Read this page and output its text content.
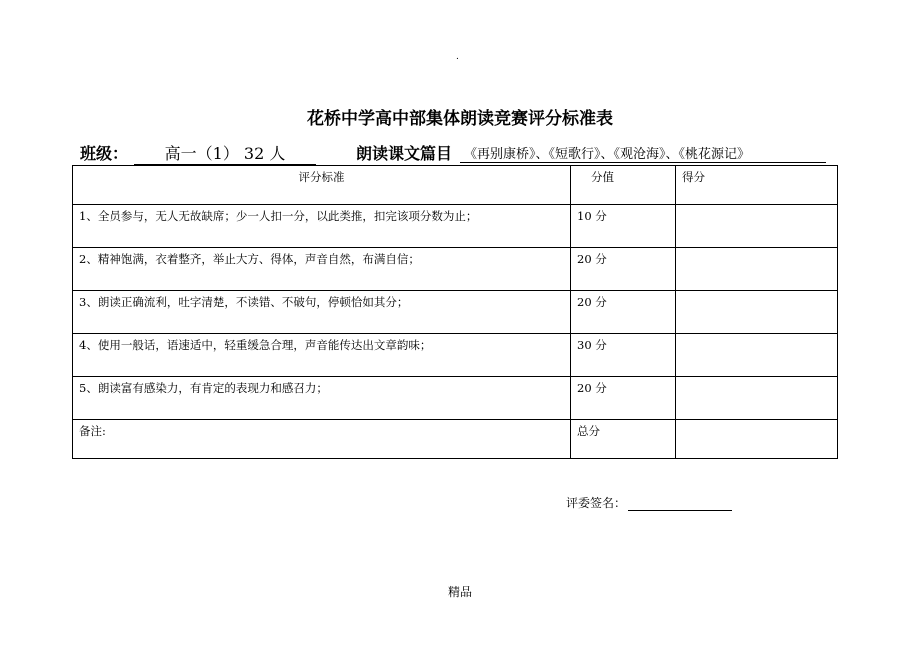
.
花桥中学高中部集体朗读竞赛评分标准表
班级：	高一（1） 32 人	朗读课文篇目 《再别康桥》、《短歌行》、《观沧海》、《桃花源记》
评分标准	分值	得分
1、全员参与，无人无故缺席；少一人扣一分，以此类推，扣完该项分数为止；	10 分	
2、精神饱满，衣着整齐，举止大方、得体，声音自然，布满自信；	20 分	
3、朗读正确流利，吐字清楚，不读错、不破句，停顿恰如其分；	20 分	
4、使用一般话，语速适中，轻重缓急合理，声音能传达出文章韵味；	30 分	
5、朗读富有感染力，有肯定的表现力和感召力；	20 分	
备注:	总分	
评委签名：
精品
